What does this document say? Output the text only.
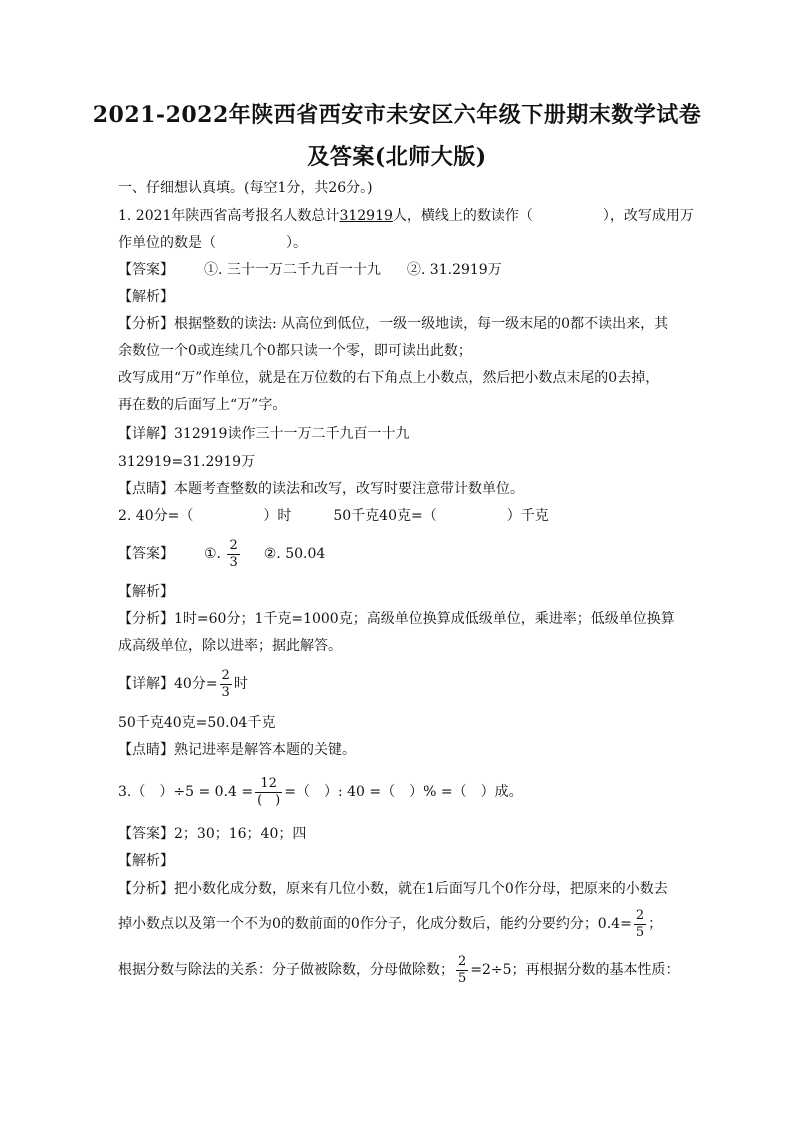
2021-2022年陕西省西安市未安区六年级下册期末数学试卷
及答案(北师大版)
一、仔细想认真填。(每空1分，共26分。)
1. 2021年陕西省高考报名人数总计312919人，横线上的数读作（　　　　　），改写成用万
作单位的数是（　　　　　）。
【答案】 ①. 三十一万二千九百一十九 ②. 31.2919万
【解析】
【分析】根据整数的读法: 从高位到低位，一级一级地读，每一级末尾的0都不读出来，其
余数位一个0或连续几个0都只读一个零，即可读出此数；
改写成用“万”作单位，就是在万位数的右下角点上小数点，然后把小数点末尾的0去掉，
再在数的后面写上“万”字。
【详解】312919读作三十一万二千九百一十九
312919=31.2919万
【点睛】本题考查整数的读法和改写，改写时要注意带计数单位。
2. 40分=（　　　　　）时　　　50千克40克=（　　　　　）千克
【答案】 ①. $\frac{2}{3}$ ②. 50.04
【解析】
【分析】1时=60分；1千克=1000克；高级单位换算成低级单位，乘进率；低级单位换算
成高级单位，除以进率；据此解答。
【详解】40分= $\frac{2}{3}$ 时
50千克40克=50.04千克
【点睛】熟记进率是解答本题的关键。
3.（　）$\div 5 = 0.4 = \frac{12}{( )}$ =（　）: 40 =（　）% =（　）成。
【答案】2；30；16；40；四
【解析】
【分析】把小数化成分数，原来有几位小数，就在1后面写几个0作分母，把原来的小数去
掉小数点以及第一个不为0的数前面的0作分子，化成分数后，能约分要约分；$0.4= \frac{2}{5}$ ；
根据分数与除法的关系：分子做被除数，分母做除数； $\frac{2}{5} =2\div 5$；再根据分数的基本性质：
